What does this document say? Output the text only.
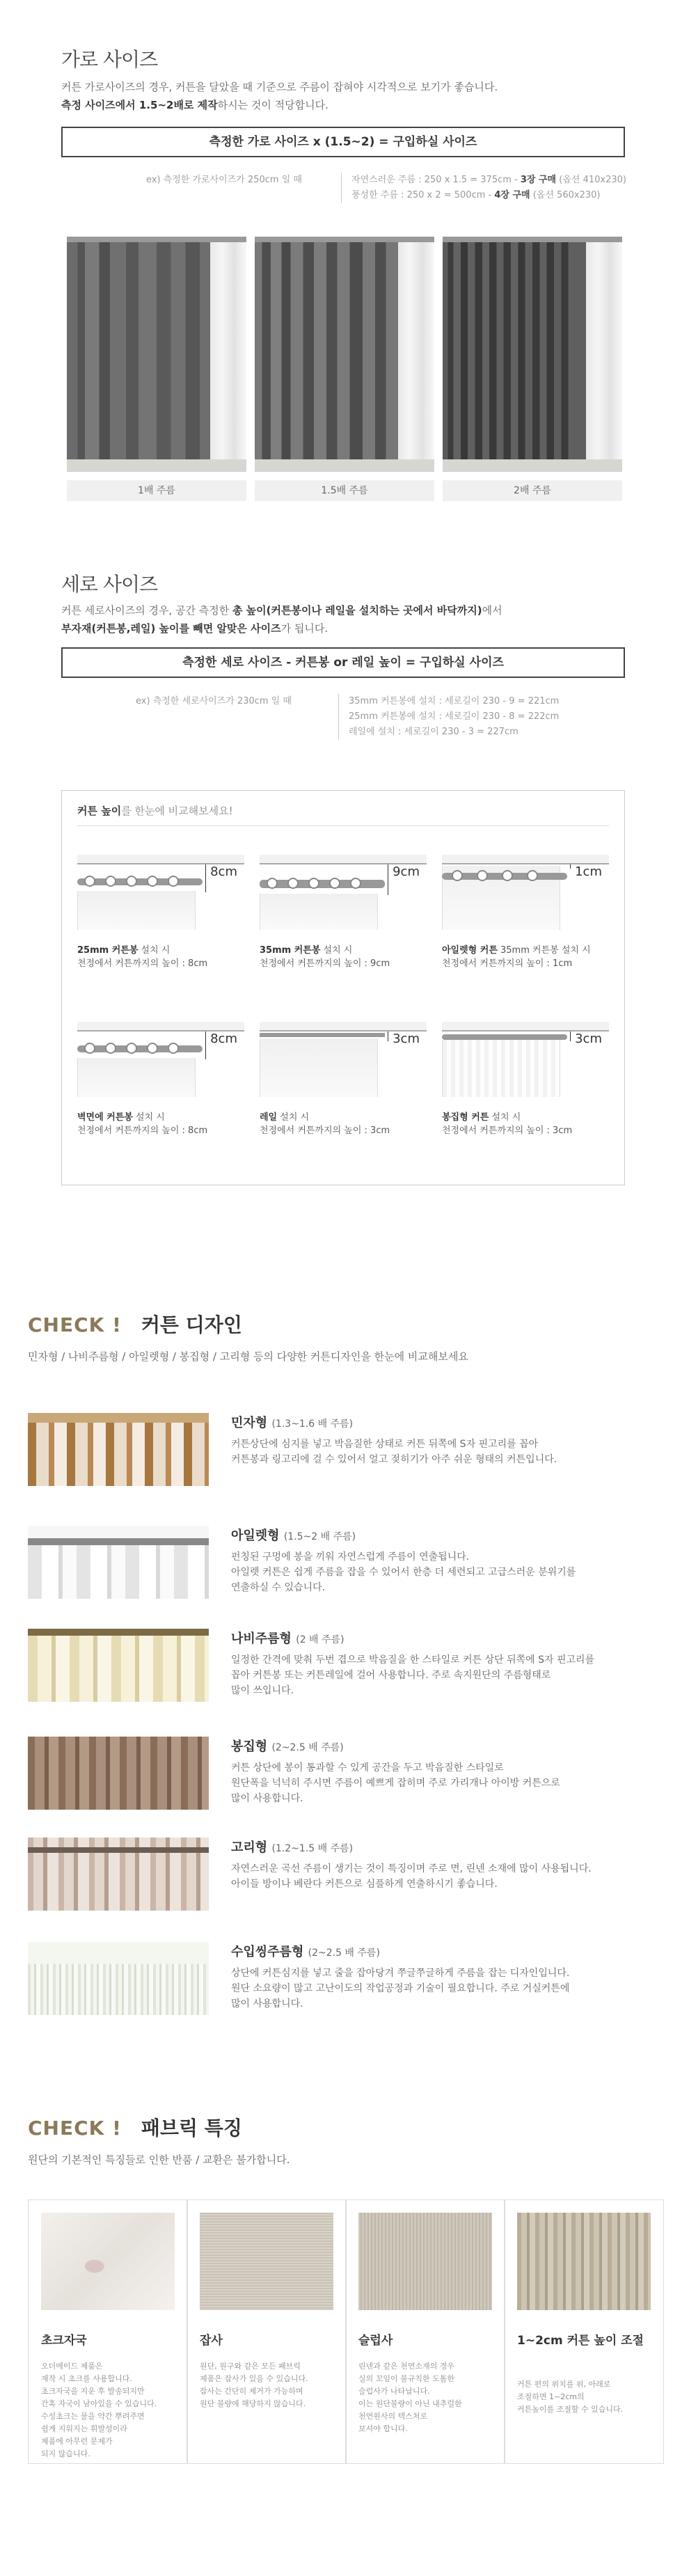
가로 사이즈
커튼 가로사이즈의 경우, 커튼을 달았을 때 기준으로 주름이 잡혀야 시각적으로 보기가 좋습니다.
측정 사이즈에서 1.5~2배로 제작하시는 것이 적당합니다.
측정한 가로 사이즈 x (1.5~2) = 구입하실 사이즈
ex) 측정한 가로사이즈가 250cm 일 때	자연스러운 주름 : 250 x 1.5 = 375cm - 3장 구매 (옵션 410x230)
풍성한 주름 : 250 x 2 = 500cm - 4장 구매 (옵션 560x230)
1배 주름	1.5배 주름	2배 주름
세로 사이즈
커튼 세로사이즈의 경우, 공간 측정한 총 높이(커튼봉이나 레일을 설치하는 곳에서 바닥까지)에서
부자재(커튼봉,레일) 높이를 빼면 알맞은 사이즈가 됩니다.
측정한 세로 사이즈 - 커튼봉 or 레일 높이 = 구입하실 사이즈
ex) 측정한 세로사이즈가 230cm 일 때	35mm 커튼봉에 설치 : 세로길이 230 - 9 = 221cm
25mm 커튼봉에 설치 : 세로길이 230 - 8 = 222cm
레일에 설치 : 세로길이 230 - 3 = 227cm
커튼 높이를 한눈에 비교해보세요!
8cm	9cm	1cm
25mm 커튼봉 설치 시
천정에서 커튼까지의 높이 : 8cm
35mm 커튼봉 설치 시
천정에서 커튼까지의 높이 : 9cm
아일렛형 커튼 35mm 커튼봉 설치 시
천정에서 커튼까지의 높이 : 1cm
8cm	3cm	3cm
벽면에 커튼봉 설치 시
천정에서 커튼까지의 높이 : 8cm
레일 설치 시
천정에서 커튼까지의 높이 : 3cm
봉집형 커튼 설치 시
천정에서 커튼까지의 높이 : 3cm
CHECK ! 커튼 디자인
민자형 / 나비주름형 / 아일렛형 / 봉집형 / 고리형 등의 다양한 커튼디자인을 한눈에 비교해보세요
민자형 (1.3~1.6 배 주름)
커튼상단에 심지를 넣고 박음질한 상태로 커튼 뒤쪽에 S자 핀고리를 꼽아
커튼봉과 링고리에 걸 수 있어서 얼고 젖히기가 아주 쉬운 형태의 커튼입니다.
아일렛형 (1.5~2 배 주름)
펀칭된 구멍에 봉을 끼워 자연스럽게 주름이 연출됩니다.
아일렛 커튼은 쉽게 주름을 잡을 수 있어서 한층 더 세련되고 고급스러운 분위기를
연출하실 수 있습니다.
나비주름형 (2 배 주름)
일정한 간격에 맞춰 두번 겹으로 박음질을 한 스타일로 커튼 상단 뒤쪽에 S자 핀고리를
꼽아 커튼봉 또는 커튼레일에 걸어 사용합니다. 주로 속지원단의 주름형태로
많이 쓰입니다.
봉집형 (2~2.5 배 주름)
커튼 상단에 봉이 통과할 수 있게 공간을 두고 박음질한 스타일로
원단폭을 넉넉히 주시면 주름이 예쁘게 잡히며 주로 가리개나 아이방 커튼으로
많이 사용합니다.
고리형 (1.2~1.5 배 주름)
자연스러운 곡선 주름이 생기는 것이 특징이며 주로 면, 린넨 소재에 많이 사용됩니다.
아이들 방이나 베란다 커튼으로 심플하게 연출하시기 좋습니다.
수입씽주름형 (2~2.5 배 주름)
상단에 커튼심지를 넣고 줄을 잡아당겨 쭈글쭈글하게 주름을 잡는 디자인입니다.
원단 소요량이 많고 고난이도의 작업공정과 기술이 필요합니다. 주로 거실커튼에
많이 사용합니다.
CHECK ! 패브릭 특징
원단의 기본적인 특징들로 인한 반품 / 교환은 불가합니다.
초크자국
오더메이드 제품은
재작 시 초크를 사용합니다.
초크자국을 지운 후 발송되지만
간혹 자국이 남아있을 수 있습니다.
수성초크는 물을 약간 뿌려주면
쉽게 지워지는 휘발성이라
제품에 아무런 문제가
되지 않습니다.
잡사
원단, 원구와 같은 모든 패브릭
제품은 잡사가 있을 수 있습니다.
잡사는 간단히 제거가 가능하며
원단 불량에 해당하지 않습니다.
슬럽사
린넨과 같은 천연소재의 경우
실의 꼬임이 불규칙한 도톰한
슬럽사가 나타납니다.
이는 원단불량이 아닌 내추럴한
천연원사의 텍스처로
보셔야 합니다.
1~2cm 커튼 높이 조절
커튼 편의 위치를 위, 아래로
조절하면 1~2cm의
커튼높이를 조절할 수 있습니다.
